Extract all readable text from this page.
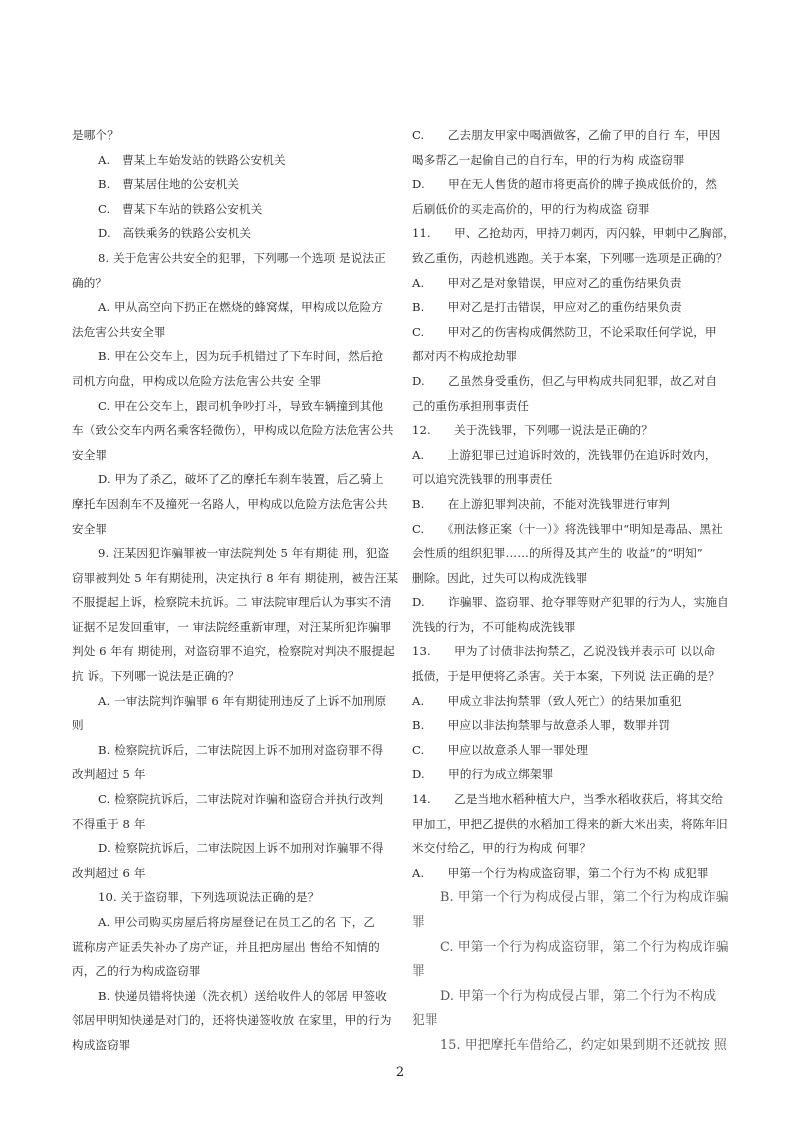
是哪个？
A.　曹某上车始发站的铁路公安机关
B.　曹某居住地的公安机关
C.　曹某下车站的铁路公安机关
D.　高铁乘务的铁路公安机关
8. 关于危害公共安全的犯罪，下列哪一个选项 是说法正
确的？
A. 甲从高空向下扔正在燃烧的蜂窝煤，甲构成以危险方
法危害公共安全罪
B. 甲在公交车上，因为玩手机错过了下车时间，然后抢
司机方向盘，甲构成以危险方法危害公共安 全罪
C. 甲在公交车上，跟司机争吵打斗，导致车辆撞到其他
车（致公交车内两名乘客轻微伤），甲构成以危险方法危害公共
安全罪
D. 甲为了杀乙，破坏了乙的摩托车刹车装置，后乙骑上
摩托车因刹车不及撞死一名路人，甲构成以危险方法危害公共
安全罪
9. 汪某因犯诈骗罪被一审法院判处 5 年有期徒 刑，犯盗
窃罪被判处 5 年有期徒刑，决定执行 8 年有 期徒刑，被告汪某
不服提起上诉，检察院未抗诉。二 审法院审理后认为事实不清
证据不足发回重审，一 审法院经重新审理，对汪某所犯诈骗罪
判处 6 年有 期徒刑，对盗窃罪不追究，检察院对判决不服提起
抗 诉。下列哪一说法是正确的？
A. 一审法院判诈骗罪 6 年有期徒刑违反了上诉不加刑原
则
B. 检察院抗诉后，二审法院因上诉不加刑对盗窃罪不得
改判超过 5 年
C. 检察院抗诉后，二审法院对诈骗和盗窃合并执行改判
不得重于 8 年
D. 检察院抗诉后，二审法院因上诉不加刑对诈骗罪不得
改判超过 6 年
10. 关于盗窃罪，下列选项说法正确的是？
A. 甲公司购买房屋后将房屋登记在员工乙的名 下，乙
谎称房产证丢失补办了房产证，并且把房屋出 售给不知情的
丙，乙的行为构成盗窃罪
B. 快递员错将快递（洗衣机）送给收件人的邻居 甲签收
邻居甲明知快递是对门的，还将快递签收放 在家里，甲的行为
构成盗窃罪
C.　　乙去朋友甲家中喝酒做客，乙偷了甲的自行 车，甲因
喝多帮乙一起偷自己的自行车，甲的行为构 成盗窃罪
D.　　甲在无人售货的超市将更高价的牌子换成低价的，然
后刷低价的买走高价的，甲的行为构成盗 窃罪
11.　　甲、乙抢劫丙，甲持刀刺丙，丙闪躲，甲刺中乙胸部，
致乙重伤，丙趁机逃跑。关于本案，下列哪一选项是正确的？
A.　　甲对乙是对象错误，甲应对乙的重伤结果负责
B.　　甲对乙是打击错误，甲应对乙的重伤结果负责
C.　　甲对乙的伤害构成偶然防卫，不论采取任何学说，甲
都对丙不构成抢劫罪
D.　　乙虽然身受重伤，但乙与甲构成共同犯罪，故乙对自
己的重伤承担刑事责任
12.　　关于洗钱罪，下列哪一说法是正确的？
A.　　上游犯罪已过追诉时效的，洗钱罪仍在追诉时效内，
可以追究洗钱罪的刑事责任
B.　　在上游犯罪判决前，不能对洗钱罪进行审判
C.　　《刑法修正案（十一）》将洗钱罪中“明知是毒品、黑社
会性质的组织犯罪……的所得及其产生的 收益”的“明知”
删除。因此，过失可以构成洗钱罪
D.　　诈骗罪、盗窃罪、抢夺罪等财产犯罪的行为人，实施自
洗钱的行为，不可能构成洗钱罪
13.　　甲为了讨债非法拘禁乙，乙说没钱并表示可 以以命
抵债，于是甲便将乙杀害。关于本案，下列说 法正确的是？
A.　　甲成立非法拘禁罪（致人死亡）的结果加重犯
B.　　甲应以非法拘禁罪与故意杀人罪，数罪并罚
C.　　甲应以故意杀人罪一罪处理
D.　　甲的行为成立绑架罪
14.　　乙是当地水稻种植大户，当季水稻收获后，将其交给
甲加工，甲把乙提供的水稻加工得来的新大米出卖，将陈年旧
米交付给乙，甲的行为构成 何罪？
A.　　甲第一个行为构成盗窃罪，第二个行为不构 成犯罪
B. 甲第一个行为构成侵占罪，第二个行为构成诈骗
罪
C. 甲第一个行为构成盗窃罪，第二个行为构成诈骗
罪
D. 甲第一个行为构成侵占罪，第二个行为不构成
犯罪
15. 甲把摩托车借给乙，约定如果到期不还就按 照
2
